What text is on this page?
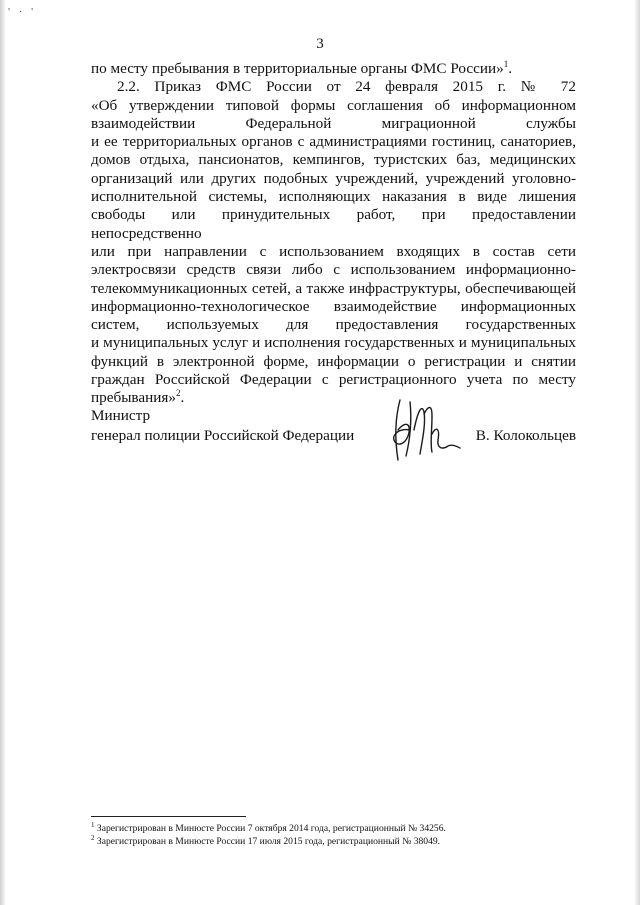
' · '
3

по месту пребывания в территориальные органы ФМС России»$^1$.

2.2. Приказ ФМС России от 24 февраля 2015 г. № 72

«Об утверждении типовой формы соглашения об информационном

взаимодействии Федеральной миграционной службы

и ее территориальных органов с администрациями гостиниц, санаториев,

домов отдыха, пансионатов, кемпингов, туристских баз, медицинских

организаций или других подобных учреждений, учреждений уголовно-

исполнительной системы, исполняющих наказания в виде лишения

свободы или принудительных работ, при предоставлении непосредственно

или при направлении с использованием входящих в состав сети

электросвязи средств связи либо с использованием информационно-

телекоммуникационных сетей, а также инфраструктуры, обеспечивающей

информационно-технологическое взаимодействие информационных

систем, используемых для предоставления государственных

и муниципальных услуг и исполнения государственных и муниципальных

функций в электронной форме, информации о регистрации и снятии

граждан Российской Федерации с регистрационного учета по месту

пребывания»$^2$.

Министр
генерал полиции Российской Федерации	В. Колокольцев
$^1$ Зарегистрирован в Минюсте России 7 октября 2014 года, регистрационный № 34256.
$^2$ Зарегистрирован в Минюсте России 17 июля 2015 года, регистрационный № 38049.
